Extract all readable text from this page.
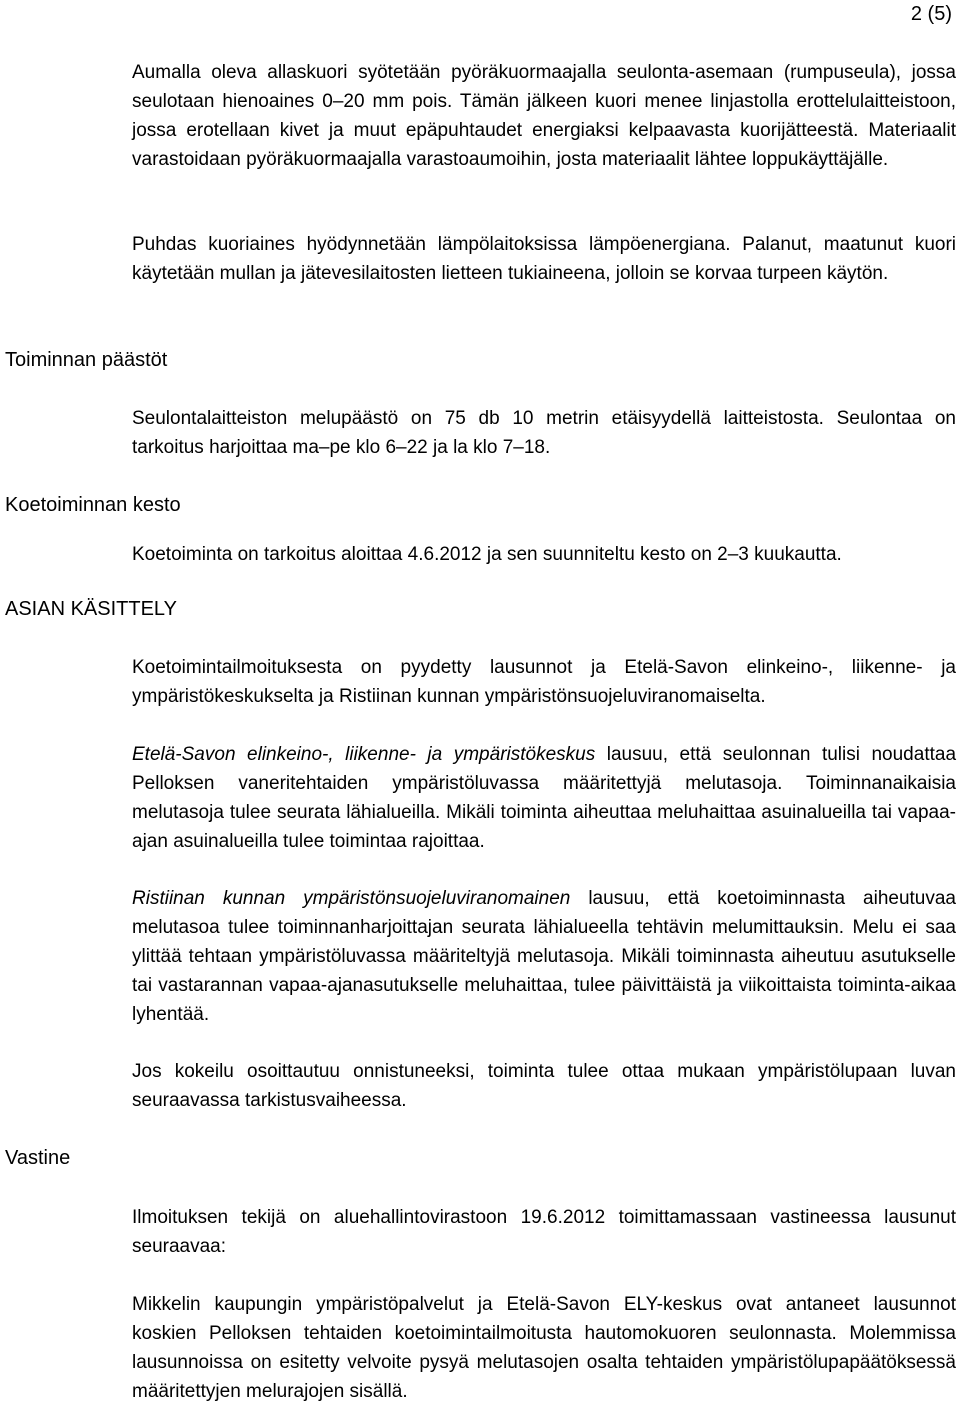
2 (5)
Toiminnan päästöt
Koetoiminnan kesto
ASIAN KÄSITTELY
Vastine

Aumalla oleva allaskuori syötetään pyöräkuormaajalla seulonta-asemaan (rumpuseula), jossa seulotaan hienoaines 0–20 mm pois. Tämän jälkeen kuori menee linjastolla erottelulaitteistoon, jossa erotellaan kivet ja muut epäpuhtaudet energiaksi kelpaavasta kuorijätteestä. Materiaalit varastoidaan pyöräkuormaajalla varastoaumoihin, josta materiaalit lähtee loppukäyttäjälle.

Puhdas kuoriaines hyödynnetään lämpölaitoksissa lämpöenergiana. Palanut, maatunut kuori käytetään mullan ja jätevesilaitosten lietteen tukiaineena, jolloin se korvaa turpeen käytön.

Seulontalaitteiston melupäästö on 75 db 10 metrin etäisyydellä laitteistosta. Seulontaa on tarkoitus harjoittaa ma–pe klo 6–22 ja la klo 7–18.

Koetoiminta on tarkoitus aloittaa 4.6.2012 ja sen suunniteltu kesto on 2–3 kuukautta.

Koetoimintailmoituksesta on pyydetty lausunnot ja Etelä-Savon elinkeino-, liikenne- ja ympäristökeskukselta ja Ristiinan kunnan ympäristönsuojeluviranomaiselta.

Etelä-Savon elinkeino-, liikenne- ja ympäristökeskus lausuu, että seulonnan tulisi noudattaa Pelloksen vaneritehtaiden ympäristöluvassa määritettyjä melutasoja. Toiminnanaikaisia melutasoja tulee seurata lähialueilla. Mikäli toiminta aiheuttaa meluhaittaa asuinalueilla tai vapaa-ajan asuinalueilla tulee toimintaa rajoittaa.

Ristiinan kunnan ympäristönsuojeluviranomainen lausuu, että koetoiminnasta aiheutuvaa melutasoa tulee toiminnanharjoittajan seurata lähialueella tehtävin melumittauksin. Melu ei saa ylittää tehtaan ympäristöluvassa määriteltyjä melutasoja. Mikäli toiminnasta aiheutuu asutukselle tai vastarannan vapaa-ajanasutukselle meluhaittaa, tulee päivittäistä ja viikoittaista toiminta-aikaa lyhentää.

Jos kokeilu osoittautuu onnistuneeksi, toiminta tulee ottaa mukaan ympäristölupaan luvan seuraavassa tarkistusvaiheessa.

Ilmoituksen tekijä on aluehallintovirastoon 19.6.2012 toimittamassaan vastineessa lausunut seuraavaa:

Mikkelin kaupungin ympäristöpalvelut ja Etelä-Savon ELY-keskus ovat antaneet lausunnot koskien Pelloksen tehtaiden koetoimintailmoitusta hautomokuoren seulonnasta. Molemmissa lausunnoissa on esitetty velvoite pysyä melutasojen osalta tehtaiden ympäristölupapäätöksessä määritettyjen melurajojen sisällä.
